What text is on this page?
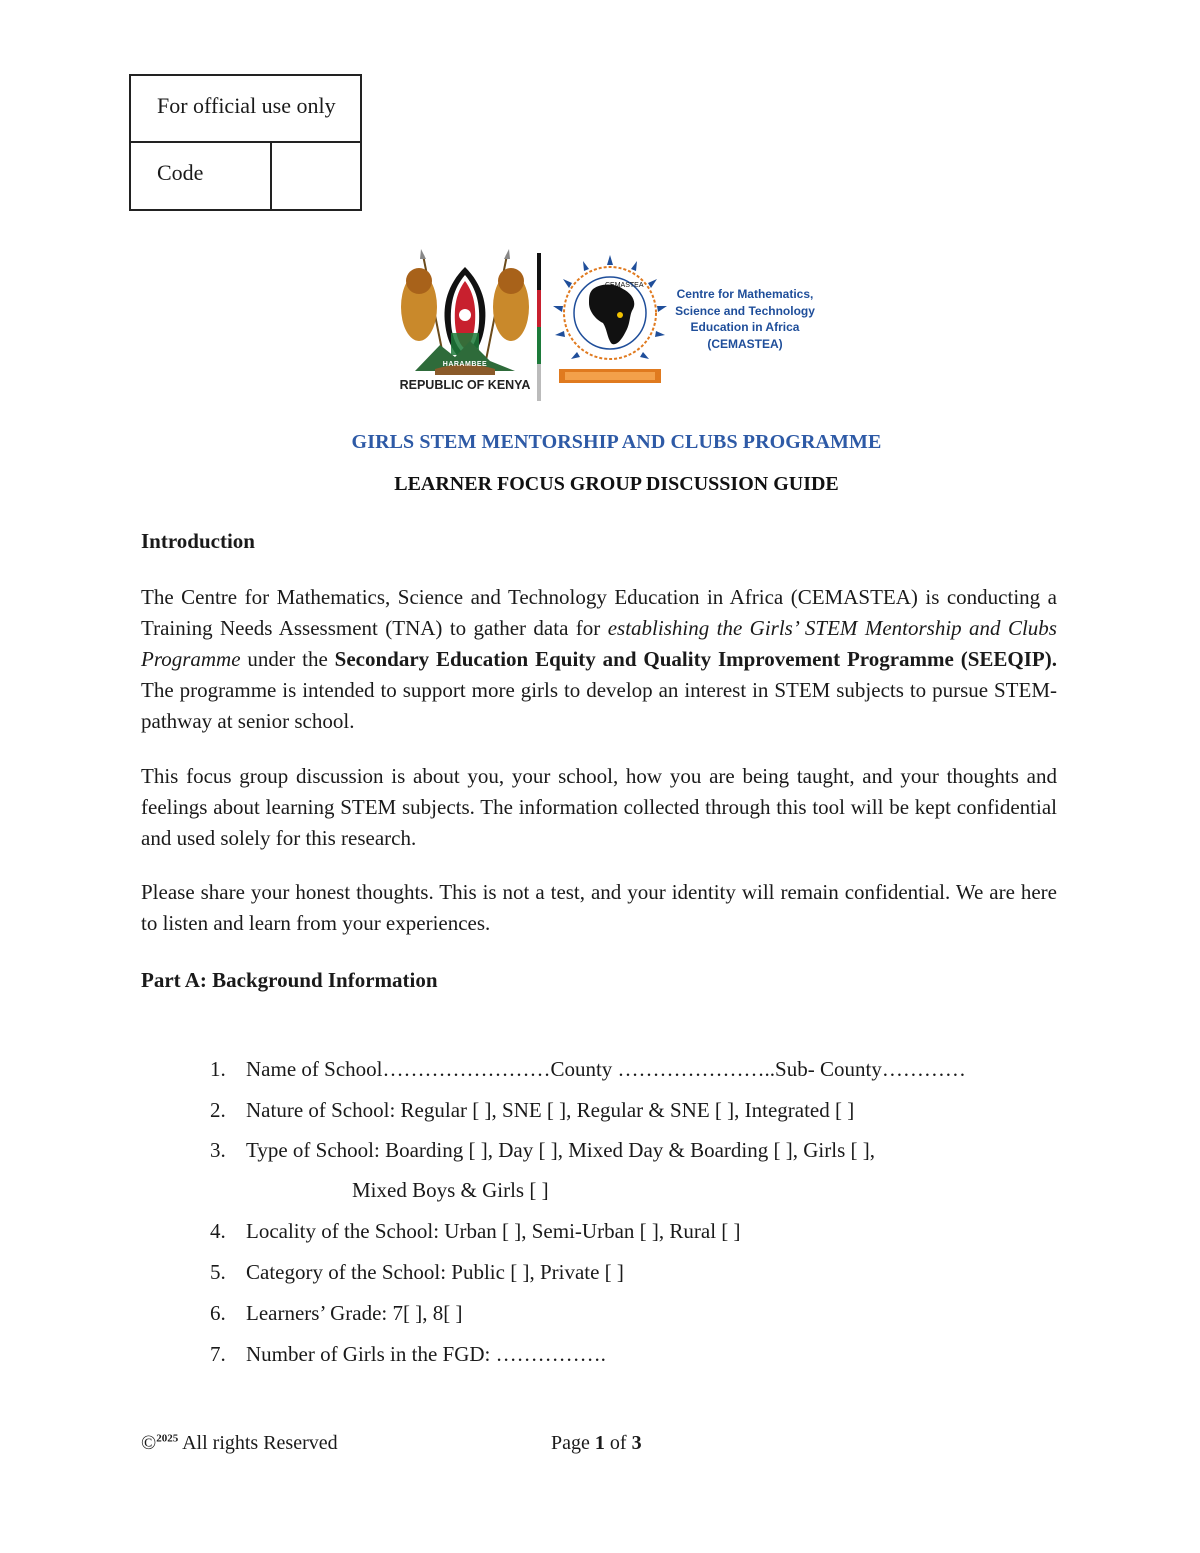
For official use only
Code
REPUBLIC OF KENYA
HARAMBEE
CEMASTEA
Centre for Mathematics,
Science and Technology
Education in Africa
(CEMASTEA)
GIRLS STEM MENTORSHIP AND CLUBS PROGRAMME
LEARNER FOCUS GROUP DISCUSSION GUIDE
Introduction

The Centre for Mathematics, Science and Technology Education in Africa (CEMASTEA) is conducting a Training Needs Assessment (TNA) to gather data for establishing the Girls’ STEM Mentorship and Clubs Programme under the Secondary Education Equity and Quality Improvement Programme (SEEQIP). The programme is intended to support more girls to develop an interest in STEM subjects to pursue STEM-pathway at senior school.

This focus group discussion is about you, your school, how you are being taught, and your thoughts and feelings about learning STEM subjects. The information collected through this tool will be kept confidential and used solely for this research.

Please share your honest thoughts. This is not a test, and your identity will remain confidential. We are here to listen and learn from your experiences.

Part A: Background Information
1. Name of School……………………County …………………..Sub- County…………
2. Nature of School: Regular [ ], SNE [ ], Regular & SNE [ ], Integrated [ ]
3. Type of School: Boarding [ ], Day [ ], Mixed Day & Boarding [ ], Girls [ ],
Mixed Boys & Girls [ ]
4. Locality of the School: Urban [ ], Semi-Urban [ ], Rural [ ]
5. Category of the School: Public [ ], Private [ ]
6. Learners’ Grade: 7[ ], 8[ ]
7. Number of Girls in the FGD: …………….
©$^{2025}$ All rights Reserved	Page 1 of 3
